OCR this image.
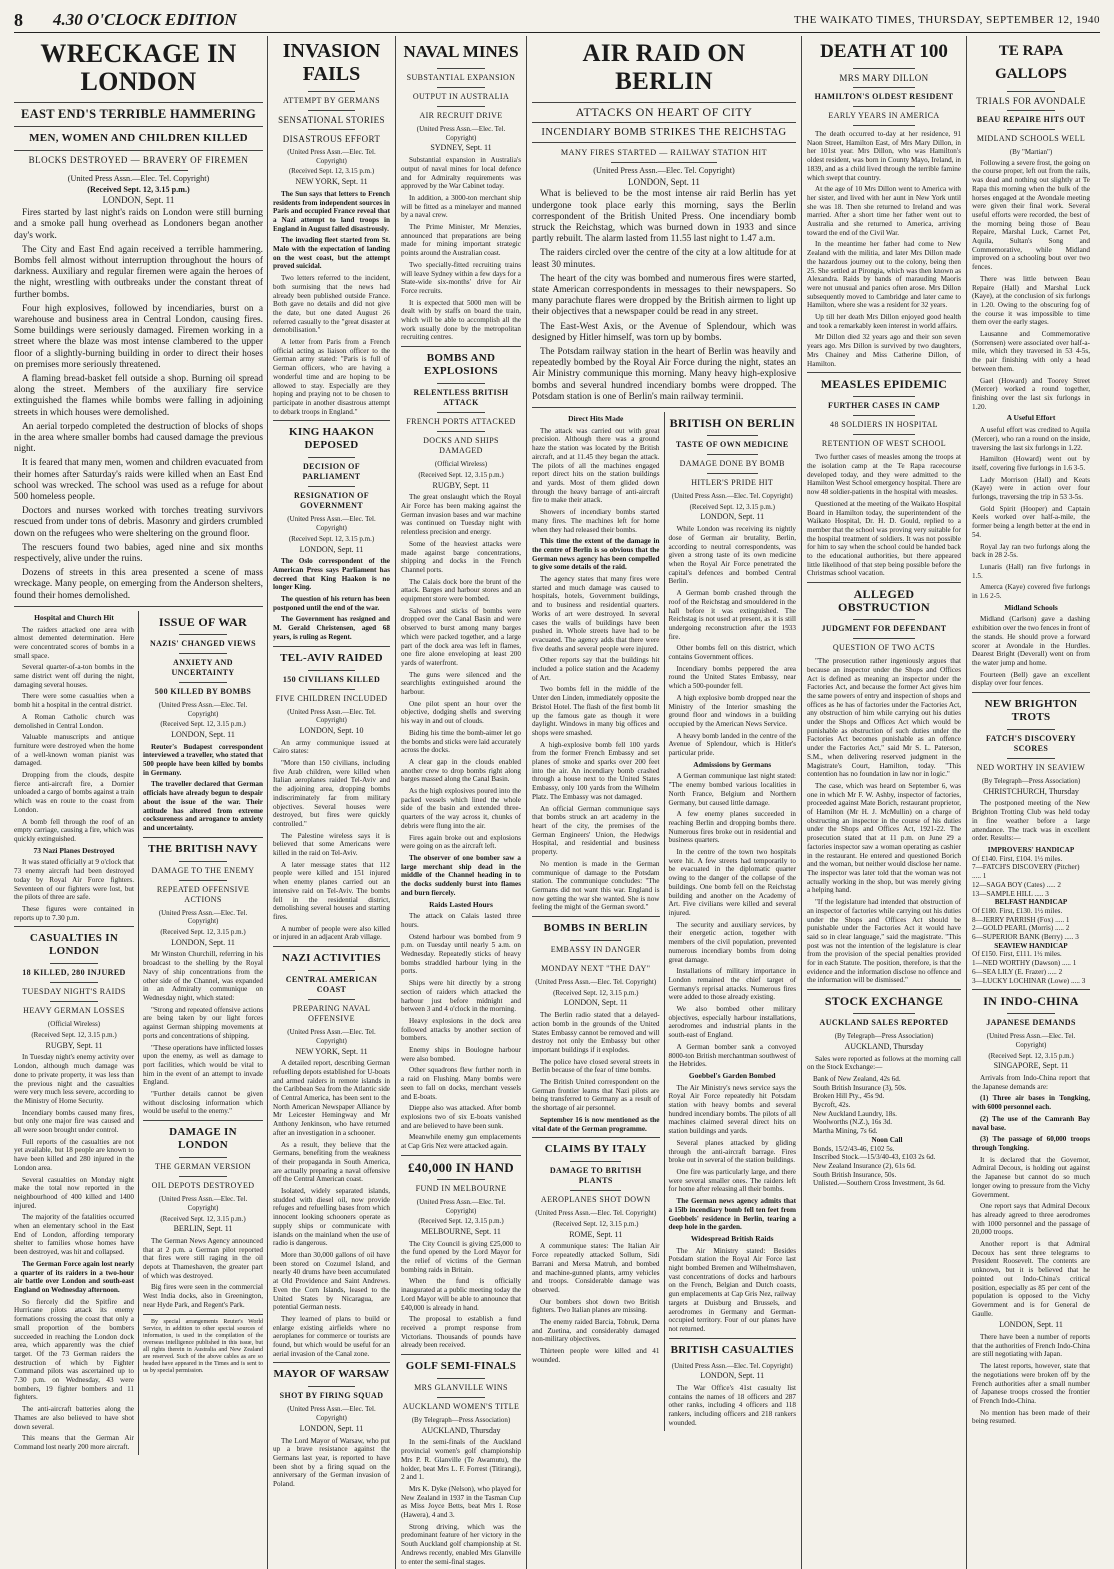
8 4.30 O'CLOCK EDITION	THE WAIKATO TIMES, THURSDAY, SEPTEMBER 12, 1940
WRECKAGE IN LONDON
EAST END'S TERRIBLE HAMMERING
MEN, WOMEN AND CHILDREN KILLED
BLOCKS DESTROYED — BRAVERY OF FIREMEN
(United Press Assn.—Elec. Tel. Copyright)
(Received Sept. 12, 3.15 p.m.)
LONDON, Sept. 11

Fires started by last night's raids on London were still burning and a smoke pall hung overhead as Londoners began another day's work.

The City and East End again received a terrible hammering. Bombs fell almost without interruption throughout the hours of darkness. Auxiliary and regular firemen were again the heroes of the night, wrestling with outbreaks under the constant threat of further bombs.

Four high explosives, followed by incendiaries, burst on a warehouse and business area in Central London, causing fires. Some buildings were seriously damaged. Firemen working in a street where the blaze was most intense clambered to the upper floor of a slightly-burning building in order to direct their hoses on premises more seriously threatened.

A flaming bread-basket fell outside a shop. Burning oil spread along the street. Members of the auxiliary fire service extinguished the flames while bombs were falling in adjoining streets in which houses were demolished.

An aerial torpedo completed the destruction of blocks of shops in the area where smaller bombs had caused damage the previous night.

It is feared that many men, women and children evacuated from their homes after Saturday's raids were killed when an East End school was wrecked. The school was used as a refuge for about 500 homeless people.

Doctors and nurses worked with torches treating survivors rescued from under tons of debris. Masonry and girders crumbled down on the refugees who were sheltering on the ground floor.

The rescuers found two babies, aged nine and six months respectively, alive under the ruins.

Dozens of streets in this area presented a scene of mass wreckage. Many people, on emerging from the Anderson shelters, found their homes demolished.

Hospital and Church Hit

The raiders attacked one area with almost demented determination. Here were concentrated scores of bombs in a small space.

Several quarter-of-a-ton bombs in the same district went off during the night, damaging several houses.

There were some casualties when a bomb hit a hospital in the central district.

A Roman Catholic church was demolished in Central London.

Valuable manuscripts and antique furniture were destroyed when the home of a well-known woman pianist was damaged.

Dropping from the clouds, despite fierce anti-aircraft fire, a Dornier unloaded a cargo of bombs against a train which was en route to the coast from London.

A bomb fell through the roof of an empty carriage, causing a fire, which was quickly extinguished.

73 Nazi Planes Destroyed

It was stated officially at 9 o'clock that 73 enemy aircraft had been destroyed today by Royal Air Force fighters. Seventeen of our fighters were lost, but the pilots of three are safe.

These figures were contained in reports up to 7.30 p.m.

CASUALTIES IN LONDON
18 KILLED, 280 INJURED
TUESDAY NIGHT'S RAIDS
HEAVY GERMAN LOSSES
(Official Wireless)
(Received Sept. 12, 3.15 p.m.)
RUGBY, Sept. 11

In Tuesday night's enemy activity over London, although much damage was done to private property, it was less than the previous night and the casualties were very much less severe, according to the Ministry of Home Security.

Incendiary bombs caused many fires, but only one major fire was caused and all were soon brought under control.

Full reports of the casualties are not yet available, but 18 people are known to have been killed and 280 injured in the London area.

Several casualties on Monday night make the total now reported in the neighbourhood of 400 killed and 1400 injured.

The majority of the fatalities occurred when an elementary school in the East End of London, affording temporary shelter to families whose homes have been destroyed, was hit and collapsed.

The German Force again lost nearly a quarter of its raiders in a two-hour air battle over London and south-east England on Wednesday afternoon.

So fiercely did the Spitfire and Hurricane pilots attack its enemy formations crossing the coast that only a small proportion of the bombers succeeded in reaching the London dock area, which apparently was the chief target. Of the 73 German raiders the destruction of which by Fighter Command pilots was ascertained up to 7.30 p.m. on Wednesday, 43 were bombers, 19 fighter bombers and 11 fighters.

The anti-aircraft batteries along the Thames are also believed to have shot down several.

This means that the German Air Command lost nearly 200 more aircraft.

ISSUE OF WAR
NAZIS' CHANGED VIEWS
ANXIETY AND UNCERTAINTY
500 KILLED BY BOMBS
(United Press Assn.—Elec. Tel. Copyright)
(Received Sept. 12, 3.15 p.m.)
LONDON, Sept. 11

Reuter's Budapest correspondent interviewed a traveller, who stated that 500 people have been killed by bombs in Germany.

The traveller declared that German officials have already begun to despair about the issue of the war. Their attitude has altered from extreme cocksureness and arrogance to anxiety and uncertainty.

THE BRITISH NAVY
DAMAGE TO THE ENEMY
REPEATED OFFENSIVE ACTIONS
(United Press Assn.—Elec. Tel. Copyright)
(Received Sept. 12, 3.15 p.m.)
LONDON, Sept. 11

Mr Winston Churchill, referring in his broadcast to the shelling by the Royal Navy of ship concentrations from the other side of the Channel, was expanded in an Admiralty communique on Wednesday night, which stated:

"Strong and repeated offensive actions are being taken by our light forces against German shipping movements at ports and concentrations of shipping.

"These operations have inflicted losses upon the enemy, as well as damage to port facilities, which would be vital to him in the event of an attempt to invade England.

"Further details cannot be given without disclosing information which would be useful to the enemy."

DAMAGE IN LONDON
THE GERMAN VERSION
OIL DEPOTS DESTROYED
(United Press Assn.—Elec. Tel. Copyright)
(Received Sept. 12, 3.15 p.m.)
BERLIN, Sept. 11

The German News Agency announced that at 2 p.m. a German pilot reported that fires were still raging in the oil depots at Thameshaven, the greater part of which was destroyed.

Big fires were seen in the commercial West India docks, also in Greenington, near Hyde Park, and Regent's Park.

By special arrangements Reuter's World Service, in addition to other special sources of information, is used in the compilation of the overseas intelligence published in this issue, but all rights therein in Australia and New Zealand are reserved. Such of the above cables as are so headed have appeared in the Times and is sent to us by special permission.

INVASION FAILS
ATTEMPT BY GERMANS
SENSATIONAL STORIES
DISASTROUS EFFORT
(United Press Assn.—Elec. Tel. Copyright)
(Received Sept. 12, 3.15 p.m.)
NEW YORK, Sept. 11

The Sun says that letters to French residents from independent sources in Paris and occupied France reveal that a Nazi attempt to land troops in England in August failed disastrously.

The invading fleet started from St. Malo with the expectation of landing on the west coast, but the attempt proved suicidal.

Two letters referred to the incident, both surmising that the news had already been published outside France. Both gave no details and did not give the date, but one dated August 26 referred casually to the "great disaster at demobilisation."

A letter from Paris from a French official acting as liaison officer to the German army stated: "Paris is full of German officers, who are having a wonderful time and are hoping to be allowed to stay. Especially are they hoping and praying not to be chosen to participate in another disastrous attempt to debark troops in England."

KING HAAKON DEPOSED
DECISION OF PARLIAMENT
RESIGNATION OF GOVERNMENT
(United Press Assn.—Elec. Tel. Copyright)
(Received Sept. 12, 3.15 p.m.)
LONDON, Sept. 11

The Oslo correspondent of the American Press says Parliament has decreed that King Haakon is no longer King.

The question of his return has been postponed until the end of the war.

The Government has resigned and M. Gerald Christensen, aged 68 years, is ruling as Regent.

TEL-AVIV RAIDED
150 CIVILIANS KILLED
FIVE CHILDREN INCLUDED
(United Press Assn.—Elec. Tel. Copyright)
LONDON, Sept. 10

An army communique issued at Cairo states:

"More than 150 civilians, including five Arab children, were killed when Italian aeroplanes raided Tel-Aviv and the adjoining area, dropping bombs indiscriminately far from military objectives. Several houses were destroyed, but fires were quickly controlled."

The Palestine wireless says it is believed that some Americans were killed in the raid on Tel-Aviv.

A later message states that 112 people were killed and 151 injured when enemy planes carried out an intensive raid on Tel-Aviv. The bombs fell in the residential district, demolishing several houses and starting fires.

A number of people were also killed or injured in an adjacent Arab village.

NAZI ACTIVITIES
CENTRAL AMERICAN COAST
PREPARING NAVAL OFFENSIVE
(United Press Assn.—Elec. Tel. Copyright)
NEW YORK, Sept. 11

A detailed report, describing German refuelling depots established for U-boats and armed raiders in remote islands in the Caribbean Sea from the Atlantic side of Central America, has been sent to the North American Newspaper Alliance by Mr Leicester Hemingway and Mr Anthony Jenkinson, who have returned after an investigation in a schooner.

As a result, they believe that the Germans, benefiting from the weakness of their propaganda in South America, are actually preparing a naval offensive off the Central American coast.

Isolated, widely separated islands, studded with diesel oil, now provide refuges and refuelling bases from which innocent looking schooners operate as supply ships or communicate with islands on the mainland when the use of radio is dangerous.

More than 30,000 gallons of oil have been stored on Cozumel Island, and nearly 40 drums have been accumulated at Old Providence and Saint Andrews. Even the Corn Islands, leased to the United States by Nicaragua, are potential German nests.

They learned of plans to build or enlarge existing airfields where no aeroplanes for commerce or tourists are found, but which would be useful for an aerial invasion of the Canal zone.

MAYOR OF WARSAW
SHOT BY FIRING SQUAD
(United Press Assn.—Elec. Tel. Copyright)
LONDON, Sept. 11

The Lord Mayor of Warsaw, who put up a brave resistance against the Germans last year, is reported to have been shot by a firing squad on the anniversary of the German invasion of Poland.

NAVAL MINES
SUBSTANTIAL EXPANSION
OUTPUT IN AUSTRALIA
AIR RECRUIT DRIVE
(United Press Assn.—Elec. Tel. Copyright)
SYDNEY, Sept. 11

Substantial expansion in Australia's output of naval mines for local defence and for Admiralty requirements was approved by the War Cabinet today.

In addition, a 3000-ton merchant ship will be fitted as a minelayer and manned by a naval crew.

The Prime Minister, Mr Menzies, announced that preparations are being made for mining important strategic points around the Australian coast.

Two specially-fitted recruiting trains will leave Sydney within a few days for a State-wide six-months' drive for Air Force recruits.

It is expected that 5000 men will be dealt with by staffs on board the train, which will be able to accomplish all the work usually done by the metropolitan recruiting centres.

BOMBS AND EXPLOSIONS
RELENTLESS BRITISH ATTACK
FRENCH PORTS ATTACKED
DOCKS AND SHIPS DAMAGED
(Official Wireless)
(Received Sept. 12, 3.15 p.m.)
RUGBY, Sept. 11

The great onslaught which the Royal Air Force has been making against the German invasion bases and war machine was continued on Tuesday night with relentless precision and energy.

Some of the heaviest attacks were made against barge concentrations, shipping and docks in the French Channel ports.

The Calais dock bore the brunt of the attack. Barges and harbour stores and an equipment store were bombed.

Salvoes and sticks of bombs were dropped over the Canal Basin and were observed to burst among many barges which were packed together, and a large part of the dock area was left in flames, one fire alone enveloping at least 200 yards of waterfront.

The guns were silenced and the searchlights extinguished around the harbour.

One pilot spent an hour over the objective, dodging shells and swerving his way in and out of clouds.

Biding his time the bomb-aimer let go the bombs and sticks were laid accurately across the docks.

A clear gap in the clouds enabled another crew to drop bombs right along barges massed along the Canal Basin.

As the high explosives poured into the packed vessels which lined the whole side of the basin and extended three-quarters of the way across it, chunks of debris were flung into the air.

Fires again broke out and explosions were going on as the aircraft left.

The observer of one bomber saw a large merchant ship dead in the middle of the Channel heading in to the docks suddenly burst into flames and burn fiercely.

Raids Lasted Hours

The attack on Calais lasted three hours.

Ostend harbour was bombed from 9 p.m. on Tuesday until nearly 5 a.m. on Wednesday. Repeatedly sticks of heavy bombs straddled harbour lying in the ports.

Ships were hit directly by a strong section of raiders which attacked the harbour just before midnight and between 3 and 4 o'clock in the morning.

Heavy explosions in the dock area followed attacks by another section of bombers.

Enemy ships in Boulogne harbour were also bombed.

Other squadrons flew further north in a raid on Flushing. Many bombs were seen to fall on docks, merchant vessels and E-boats.

Dieppe also was attacked. After bomb explosions two of six E-boats vanished and are believed to have been sunk.

Meanwhile enemy gun emplacements at Cap Gris Nez were attacked again.

£40,000 IN HAND
FUND IN MELBOURNE
(United Press Assn.—Elec. Tel. Copyright)
(Received Sept. 12, 3.15 p.m.)
MELBOURNE, Sept. 11

The City Council is giving £25,000 to the fund opened by the Lord Mayor for the relief of victims of the German bombing raids in Britain.

When the fund is officially inaugurated at a public meeting today the Lord Mayor will be able to announce that £40,000 is already in hand.

The proposal to establish a fund received a prompt response from Victorians. Thousands of pounds have already been received.

GOLF SEMI-FINALS
MRS GLANVILLE WINS
AUCKLAND WOMEN'S TITLE
(By Telegraph—Press Association)
AUCKLAND, Thursday

In the semi-finals of the Auckland provincial women's golf championship Mrs P. R. Glanville (Te Awamutu), the holder, beat Mrs L. F. Forrest (Titirangi), 2 and 1.

Mrs K. Dyke (Nelson), who played for New Zealand in 1937 in the Tasman Cup as Miss Joyce Betts, beat Mrs I. Rose (Hawera), 4 and 3.

Strong driving, which was the predominant feature of her victory in the South Auckland golf championship at St. Andrews recently, enabled Mrs Glanville to enter the semi-final stages.

AIR RAID ON BERLIN
ATTACKS ON HEART OF CITY
INCENDIARY BOMB STRIKES THE REICHSTAG
MANY FIRES STARTED — RAILWAY STATION HIT
(United Press Assn.—Elec. Tel. Copyright)
LONDON, Sept. 11

What is believed to be the most intense air raid Berlin has yet undergone took place early this morning, says the Berlin correspondent of the British United Press. One incendiary bomb struck the Reichstag, which was burned down in 1933 and since partly rebuilt. The alarm lasted from 11.55 last night to 1.47 a.m.

The raiders circled over the centre of the city at a low altitude for at least 30 minutes.

The heart of the city was bombed and numerous fires were started, state American correspondents in messages to their newspapers. So many parachute flares were dropped by the British airmen to light up their objectives that a newspaper could be read in any street.

The East-West Axis, or the Avenue of Splendour, which was designed by Hitler himself, was torn up by bombs.

The Potsdam railway station in the heart of Berlin was heavily and repeatedly bombed by the Royal Air Force during the night, states an Air Ministry communique this morning. Many heavy high-explosive bombs and several hundred incendiary bombs were dropped. The Potsdam station is one of Berlin's main railway terminii.

Direct Hits Made

The attack was carried out with great precision. Although there was a ground haze the station was located by the British aircraft, and at 11.45 they began the attack. The pilots of all the machines engaged report direct hits on the station buildings and yards. Most of them glided down through the heavy barrage of anti-aircraft fire to make their attack.

Showers of incendiary bombs started many fires. The machines left for home when they had released their bombs.

This time the extent of the damage in the centre of Berlin is so obvious that the German news agency has been compelled to give some details of the raid.

The agency states that many fires were started and much damage was caused to hospitals, hotels, Government buildings, and to business and residential quarters. Works of art were destroyed. In several cases the walls of buildings have been pushed in. Whole streets have had to be evacuated. The agency adds that there were five deaths and several people were injured.

Other reports say that the buildings hit included a police station and the Academy of Art.

Two bombs fell in the middle of the Unter den Linden, immediately opposite the Bristol Hotel. The flash of the first bomb lit up the famous gate as though it were daylight. Windows in many big offices and shops were smashed.

A high-explosive bomb fell 100 yards from the former French Embassy and set planes of smoke and sparks over 200 feet into the air. An incendiary bomb crashed through a house next to the United States Embassy, only 100 yards from the Wilhelm Platz. The Embassy was not damaged.

An official German communique says that bombs struck an art academy in the heart of the city, the premises of the German Engineers' Union, the Hedwigs Hospital, and residential and business property.

No mention is made in the German communique of damage to the Potsdam station. The communique concludes: "The Germans did not want this war. England is now getting the war she wanted. She is now feeling the might of the German sword."

BOMBS IN BERLIN
EMBASSY IN DANGER
MONDAY NEXT "THE DAY"
(United Press Assn.—Elec. Tel. Copyright)
(Received Sept. 12, 3.15 p.m.)
LONDON, Sept. 11

The Berlin radio stated that a delayed-action bomb in the grounds of the United States Embassy cannot be removed and will destroy not only the Embassy but other important buildings if it explodes.

The police have closed several streets in Berlin because of the fear of time bombs.

The British United correspondent on the German frontier learns that Nazi pilots are being transferred to Germany as a result of the shortage of air personnel.

September 16 is now mentioned as the vital date of the German programme.

CLAIMS BY ITALY
DAMAGE TO BRITISH PLANTS
AEROPLANES SHOT DOWN
(United Press Assn.—Elec. Tel. Copyright)
(Received Sept. 12, 3.15 p.m.)
ROME, Sept. 11

A communique states: The Italian Air Force repeatedly attacked Sollum, Sidi Barrani and Mersa Matruh, and bombed and machine-gunned plants, army vehicles and troops. Considerable damage was observed.

Our bombers shot down two British fighters. Two Italian planes are missing.

The enemy raided Barcia, Tobruk, Derna and Zuetina, and considerably damaged non-military objectives.

Thirteen people were killed and 41 wounded.

BRITISH ON BERLIN
TASTE OF OWN MEDICINE
DAMAGE DONE BY BOMB
HITLER'S PRIDE HIT
(United Press Assn.—Elec. Tel. Copyright)
(Received Sept. 12, 3.15 p.m.)
LONDON, Sept. 11

While London was receiving its nightly dose of German air brutality, Berlin, according to neutral correspondents, was given a strong taste of its own medicine when the Royal Air Force penetrated the capital's defences and bombed Central Berlin.

A German bomb crashed through the roof of the Reichstag and smouldered in the hall before it was extinguished. The Reichstag is not used at present, as it is still undergoing reconstruction after the 1933 fire.

Other bombs fell on this district, which contains Government offices.

Incendiary bombs peppered the area round the United States Embassy, near which a 500-pounder fell.

A high explosive bomb dropped near the Ministry of the Interior smashing the ground floor and windows in a building occupied by the American News Service.

A heavy bomb landed in the centre of the Avenue of Splendour, which is Hitler's particular pride.

Admissions by Germans

A German communique last night stated: "The enemy bombed various localities in North France, Belgium and Northern Germany, but caused little damage.

A few enemy planes succeeded in reaching Berlin and dropping bombs there. Numerous fires broke out in residential and business quarters.

In the centre of the town two hospitals were hit. A few streets had temporarily to be evacuated in the diplomatic quarter owing to the danger of the collapse of the buildings. One bomb fell on the Reichstag building and another on the Academy of Art. Five civilians were killed and several injured.

The security and auxiliary services, by their energetic action, together with members of the civil population, prevented numerous incendiary bombs from doing great damage.

Installations of military importance in London remained the chief target of Germany's reprisal attacks. Numerous fires were added to those already existing.

We also bombed other military objectives, especially harbour installations, aerodromes and industrial plants in the south-east of England.

A German bomber sank a convoyed 8000-ton British merchantman southwest of the Hebrides.

Goebbel's Garden Bombed

The Air Ministry's news service says the Royal Air Force repeatedly hit Potsdam station with heavy bombs and several hundred incendiary bombs. The pilots of all machines claimed several direct hits on station buildings and yards.

Several planes attacked by gliding through the anti-aircraft barrage. Fires broke out in several of the station buildings.

One fire was particularly large, and there were several smaller ones. The raiders left for home after releasing all their bombs.

The German news agency admits that a 15lb incendiary bomb fell ten feet from Goebbels' residence in Berlin, tearing a deep hole in the garden.

Widespread British Raids

The Air Ministry stated: Besides Potsdam station the Royal Air Force last night bombed Bremen and Wilhelmshaven, vast concentrations of docks and harbours on the French, Belgian and Dutch coasts, gun emplacements at Cap Gris Nez, railway targets at Duisburg and Brussels, and aerodromes in Germany and German-occupied territory. Four of our planes have not returned.

BRITISH CASUALTIES
(United Press Assn.—Elec. Tel. Copyright)
LONDON, Sept. 11

The War Office's 41st casualty list contains the names of 18 officers and 287 other ranks, including 4 officers and 118 rankers, including officers and 218 rankers wounded.

DEATH AT 100
MRS MARY DILLON
HAMILTON'S OLDEST RESIDENT
EARLY YEARS IN AMERICA

The death occurred to-day at her residence, 91 Naon Street, Hamilton East, of Mrs Mary Dillon, in her 101st year. Mrs Dillon, who was Hamilton's oldest resident, was born in County Mayo, Ireland, in 1839, and as a child lived through the terrible famine which swept that country.

At the age of 10 Mrs Dillon went to America with her sister, and lived with her aunt in New York until she was 18. Then she returned to Ireland and was married. After a short time her father went out to Australia and she returned to America, arriving toward the end of the Civil War.

In the meantime her father had come to New Zealand with the militia, and later Mrs Dillon made the hazardous journey out to the colony, being then 25. She settled at Pirongia, which was then known as Alexandra. Raids by bands of marauding Maoris were not unusual and panics often arose. Mrs Dillon subsequently moved to Cambridge and later came to Hamilton, where she was a resident for 32 years.

Up till her death Mrs Dillon enjoyed good health and took a remarkably keen interest in world affairs.

Mr Dillon died 32 years ago and their son seven years ago. Mrs Dillon is survived by two daughters, Mrs Chainey and Miss Catherine Dillon, of Hamilton.

MEASLES EPIDEMIC
FURTHER CASES IN CAMP
48 SOLDIERS IN HOSPITAL
RETENTION OF WEST SCHOOL

Two further cases of measles among the troops at the isolation camp at the Te Rapa racecourse developed today, and they were admitted to the Hamilton West School emergency hospital. There are now 48 soldier-patients in the hospital with measles.

Questioned at the meeting of the Waikato Hospital Board in Hamilton today, the superintendent of the Waikato Hospital, Dr. H. D. Gould, replied to a member that the school was proving very suitable for the hospital treatment of soldiers. It was not possible for him to say when the school could be handed back to the educational authorities, but there appeared little likelihood of that step being possible before the Christmas school vacation.

ALLEGED OBSTRUCTION
JUDGMENT FOR DEFENDANT
QUESTION OF TWO ACTS

"The prosecution rather ingeniously argues that because an inspector under the Shops and Offices Act is defined as meaning an inspector under the Factories Act, and because the former Act gives him the same powers of entry and inspection of shops and offices as he has of factories under the Factories Act, any obstruction of him while carrying out his duties under the Shops and Offices Act which would be punishable as obstruction of such duties under the Factories Act becomes punishable as an offence under the Factories Act," said Mr S. L. Paterson, S.M., when delivering reserved judgment in the Magistrate's Court, Hamilton, today. "This contention has no foundation in law nor in logic."

The case, which was heard on September 6, was one in which Mr F. W. Ashby, inspector of factories, proceeded against Mate Borich, restaurant proprietor, of Hamilton (Mr H. J. McMullin) on a charge of obstructing an inspector in the course of his duties under the Shops and Offices Act, 1921-22. The prosecution stated that at 11 p.m. on June 29 a factories inspector saw a woman operating as cashier in the restaurant. He entered and questioned Borich and the woman, but neither would disclose her name. The inspector was later told that the woman was not actually working in the shop, but was merely giving a helping hand.

"If the legislature had intended that obstruction of an inspector of factories while carrying out his duties under the Shops and Offices Act should be punishable under the Factories Act it would have said so in clear language," said the magistrate. "This post was not the intention of the legislature is clear from the provision of the special penalties provided for in each Statute. The position, therefore, is that the evidence and the information disclose no offence and the information will be dismissed."

STOCK EXCHANGE
AUCKLAND SALES REPORTED
(By Telegraph—Press Association)
AUCKLAND, Thursday

Sales were reported as follows at the morning call on the Stock Exchange:—

Bank of New Zealand, 42s 6d.
South British Insurance (3), 50s.
Broken Hill Pty., 45s 9d.
Bycroft, 42s.
New Auckland Laundry, 18s.
Woolworths (N.Z.), 16s 3d.
Martha Mining, 7s 6d.
Noon Call
Bonds, 15/2/43-46, £102 5s.
Inscribed Stock.—15/3/40-43, £103 2s 6d.
New Zealand Insurance (2), 61s 6d.
South British Insurance, 50s.
Unlisted.—Southern Cross Investment, 3s 6d.
TE RAPA GALLOPS
TRIALS FOR AVONDALE
BEAU REPAIRE HITS OUT
MIDLAND SCHOOLS WELL
(By "Martian")

Following a severe frost, the going on the course proper, left out from the rails, was dead and nothing out slightly at Te Rapa this morning when the bulk of the horses engaged at the Avondale meeting were given their final work. Several useful efforts were recorded, the best of the morning being those of Beau Repaire, Marshal Luck, Carnet Pet, Aquila, Sultan's Song and Commemorative, while Midland improved on a schooling bout over two fences.

There was little between Beau Repaire (Hall) and Marshal Luck (Kaye), at the conclusion of six furlongs in 1.20. Owing to the obscuring fog of the course it was impossible to time them over the early stages.

Lausanne and Commemorative (Sorrensen) were associated over half-a-mile, which they traversed in 53 4-5s, the pair finishing with only a head between them.

Gael (Howard) and Toorey Street (Mercer) worked a round together, finishing over the last six furlongs in 1.20.

A Useful Effort

A useful effort was credited to Aquila (Mercer), who ran a round on the inside, traversing the last six furlongs in 1.22.

Hamilton (Howard) went out by itself, covering five furlongs in 1.6 3-5.

Lady Morrison (Hall) and Keats (Kaye) were in action over four furlongs, traversing the trip in 53 3-5s.

Gold Spirit (Hooper) and Captain Keels worked over half-a-mile, the former being a length better at the end in 54.

Royal Jay ran two furlongs along the back in 28 2-5s.

Lunaris (Hall) ran five furlongs in 1.5.

Amerca (Kaye) covered five furlongs in 1.6 2-5.

Midland Schools

Midland (Carlson) gave a dashing exhibition over the two fences in front of the stands. He should prove a forward scorer at Avondale in the Hurdles. Dearest Bright (Deverall) went on from the water jump and home.

Fourteen (Bell) gave an excellent display over four fences.

NEW BRIGHTON TROTS
FATCH'S DISCOVERY SCORES
NED WORTHY IN SEAVIEW
(By Telegraph—Press Association)
CHRISTCHURCH, Thursday

The postponed meeting of the New Brighton Trotting Club was held today in fine weather before a large attendance. The track was in excellent order. Results:—

IMPROVERS' HANDICAP
Of £140. First, £104. 1½ miles.
7—FATCH'S DISCOVERY (Pitcher) ..... 1
12—SAGA BOY (Cates) ..... 2
13—SAMPLE HILL ..... 3
BELFAST HANDICAP
Of £180. First, £130. 1½ miles.
8—JERRY PARRISH (Fox) ..... 1
2—GOLD PEARL (Morris) ..... 2
6—SUPERIOR BANK (Berry) ..... 3
SEAVIEW HANDICAP
Of £150. First, £111. 1½ miles.
1—NED WORTHY (Dawson) ..... 1
6—SEA LILY (E. Frazer) ..... 2
3—LUCKY LOCHINAR (Lowe) ..... 3
IN INDO-CHINA
JAPANESE DEMANDS
(United Press Assn.—Elec. Tel. Copyright)
(Received Sept. 12, 3.15 p.m.)
SINGAPORE, Sept. 11

Arrivals from Indo-China report that the Japanese demands are:

(1) Three air bases in Tongking, with 6000 personnel each.

(2) The use of the Camranh Bay naval base.

(3) The passage of 60,000 troops through Tongking.

It is declared that the Governor, Admiral Decoux, is holding out against the Japanese but cannot do so much longer owing to pressure from the Vichy Government.

One report says that Admiral Decoux has already agreed to three aerodromes with 1000 personnel and the passage of 20,000 troops.

Another report is that Admiral Decoux has sent three telegrams to President Roosevelt. The contents are unknown, but it is believed that he pointed out Indo-China's critical position, especially as 85 per cent of the population is opposed to the Vichy Government and is for General de Gaulle.

LONDON, Sept. 11

There have been a number of reports that the authorities of French Indo-China are still negotiating with Japan.

The latest reports, however, state that the negotiations were broken off by the French authorities after a small number of Japanese troops crossed the frontier of French Indo-China.

No mention has been made of their being resumed.
